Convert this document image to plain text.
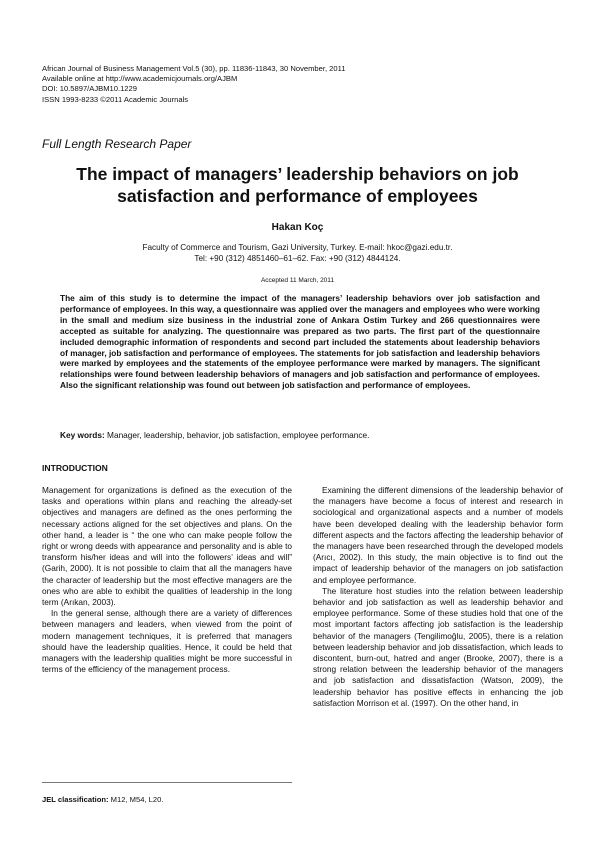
African Journal of Business Management Vol.5 (30), pp. 11836-11843, 30 November, 2011
Available online at http://www.academicjournals.org/AJBM
DOI: 10.5897/AJBM10.1229
ISSN 1993-8233 ©2011 Academic Journals
Full Length Research Paper
The impact of managers’ leadership behaviors on job satisfaction and performance of employees
Hakan Koç
Faculty of Commerce and Tourism, Gazi University, Turkey. E-mail: hkoc@gazi.edu.tr.
Tel: +90 (312) 4851460–61–62. Fax: +90 (312) 4844124.
Accepted 11 March, 2011
The aim of this study is to determine the impact of the managers’ leadership behaviors over job satisfaction and performance of employees. In this way, a questionnaire was applied over the managers and employees who were working in the small and medium size business in the industrial zone of Ankara Ostim Turkey and 266 questionnaires were accepted as suitable for analyzing. The questionnaire was prepared as two parts. The first part of the questionnaire included demographic information of respondents and second part included the statements about leadership behaviors of manager, job satisfaction and performance of employees. The statements for job satisfaction and leadership behaviors were marked by employees and the statements of the employee performance were marked by managers. The significant relationships were found between leadership behaviors of managers and job satisfaction and performance of employees. Also the significant relationship was found out between job satisfaction and performance of employees.
Key words: Manager, leadership, behavior, job satisfaction, employee performance.
INTRODUCTION

Management for organizations is defined as the execution of the tasks and operations within plans and reaching the already-set objectives and managers are defined as the ones performing the necessary actions aligned for the set objectives and plans. On the other hand, a leader is “ the one who can make people follow the right or wrong deeds with appearance and personality and is able to transform his/her ideas and will into the followers’ ideas and will” (Garih, 2000). It is not possible to claim that all the managers have the character of leadership but the most effective managers are the ones who are able to exhibit the qualities of leadership in the long term (Arıkan, 2003).

In the general sense, although there are a variety of differences between managers and leaders, when viewed from the point of modern management techniques, it is preferred that managers should have the leadership qualities. Hence, it could be held that managers with the leadership qualities might be more successful in terms of the efficiency of the management process.

Examining the different dimensions of the leadership behavior of the managers have become a focus of interest and research in sociological and organizational aspects and a number of models have been developed dealing with the leadership behavior form different aspects and the factors affecting the leadership behavior of the managers have been researched through the developed models (Arıcı, 2002). In this study, the main objective is to find out the impact of leadership behavior of the managers on job satisfaction and employee performance.

The literature host studies into the relation between leadership behavior and job satisfaction as well as leadership behavior and employee performance. Some of these studies hold that one of the most important factors affecting job satisfaction is the leadership behavior of the managers (Tengilimoğlu, 2005), there is a relation between leadership behavior and job dissatisfaction, which leads to discontent, burn-out, hatred and anger (Brooke, 2007), there is a strong relation between the leadership behavior of the managers and job satisfaction and dissatisfaction (Watson, 2009), the leadership behavior has positive effects in enhancing the job satisfaction Morrison et al. (1997). On the other hand, in

JEL classification: M12, M54, L20.
